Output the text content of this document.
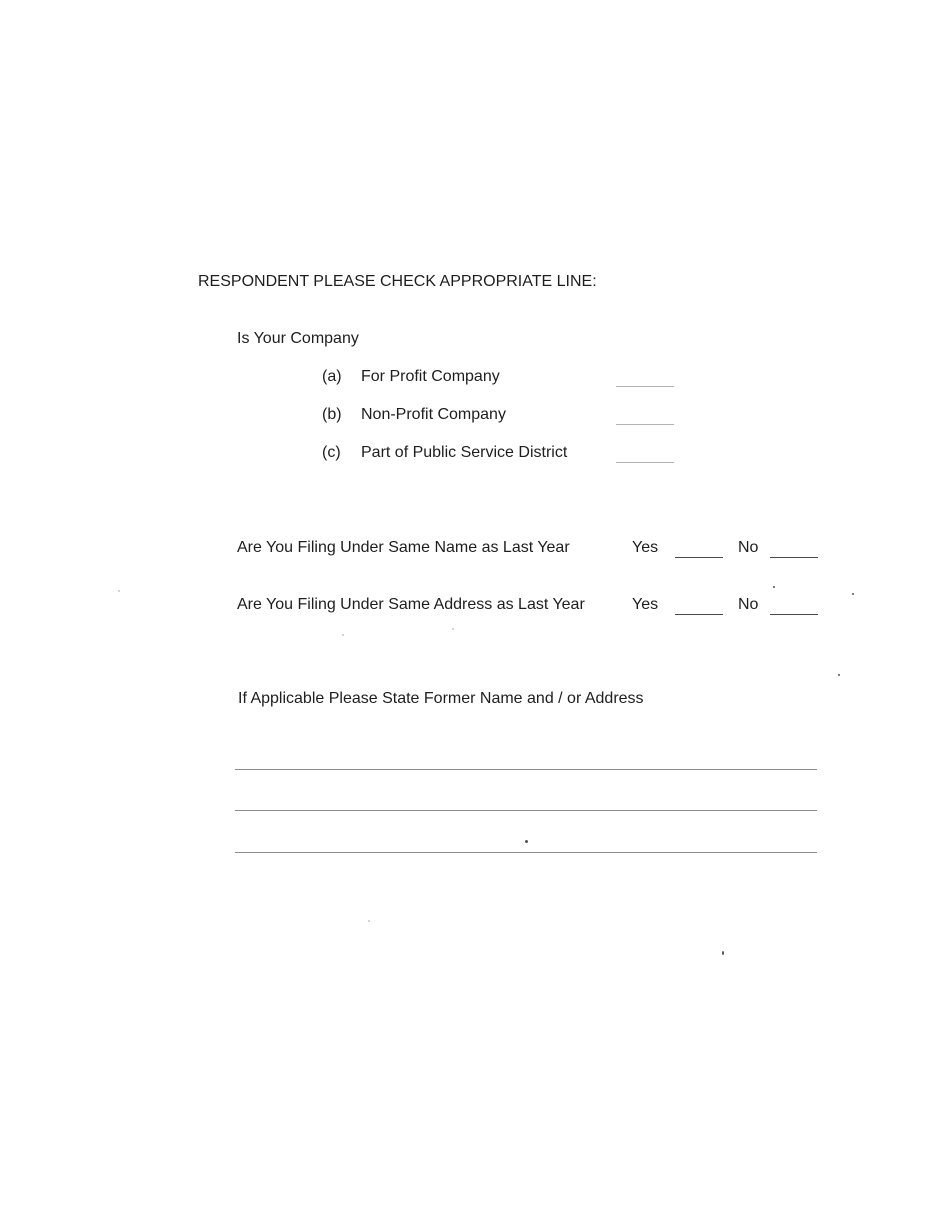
RESPONDENT PLEASE CHECK APPROPRIATE LINE:
Is Your Company
(a) For Profit Company
(b) Non-Profit Company
(c) Part of Public Service District
Are You Filing Under Same Name as Last Year	Yes	No
Are You Filing Under Same Address as Last Year	Yes	No
If Applicable Please State Former Name and / or Address
